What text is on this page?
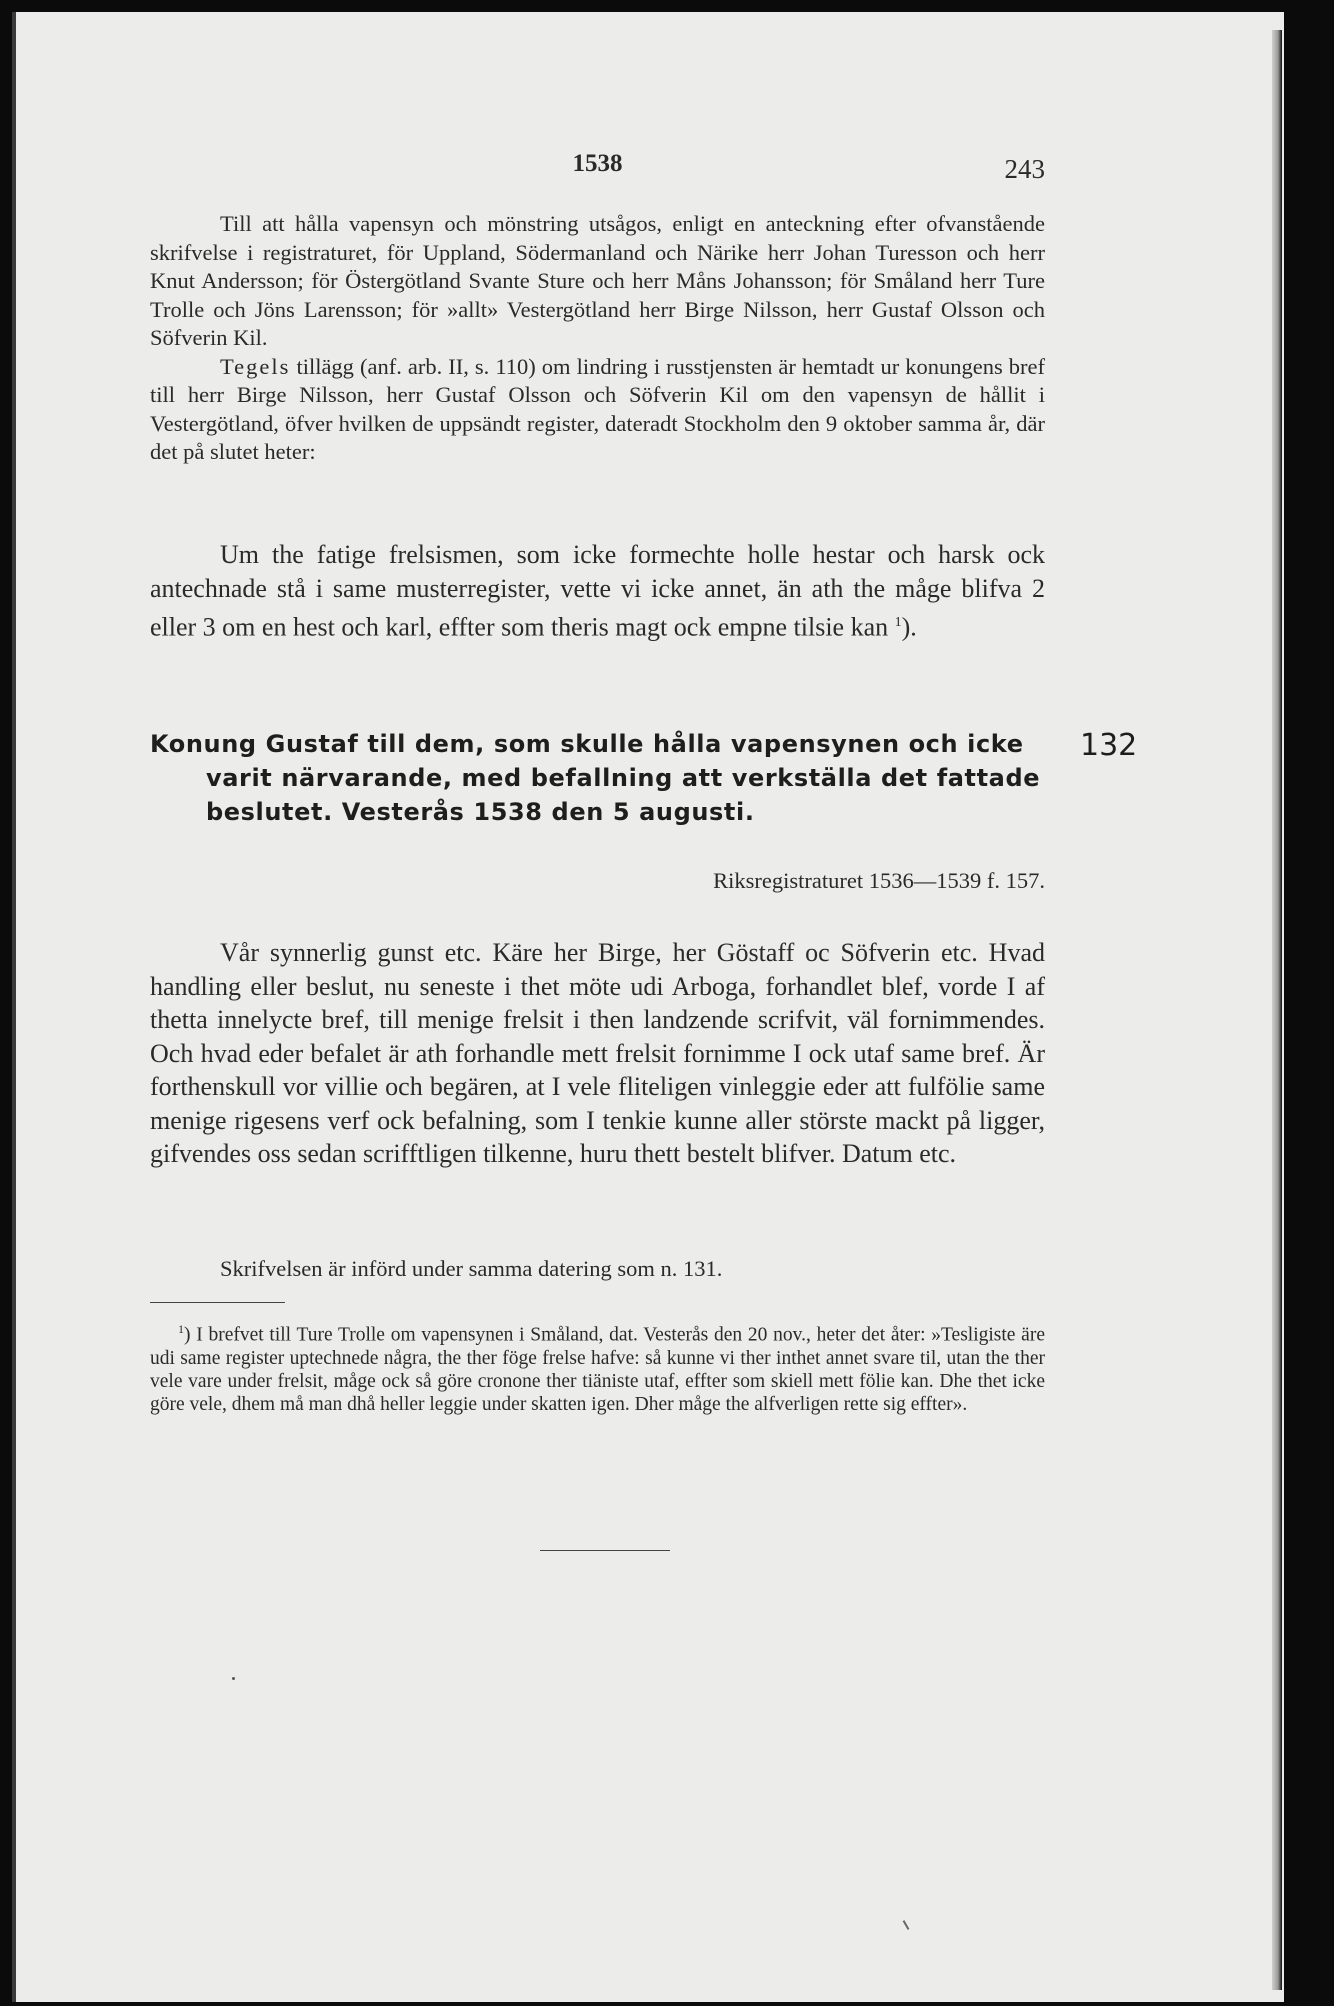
1538	243

Till att hålla vapensyn och mönstring utsågos, enligt en anteckning efter ofvanstående skrifvelse i registraturet, för Uppland, Södermanland och Närike herr Johan Turesson och herr Knut Andersson; för Östergötland Svante Sture och herr Måns Johansson; för Småland herr Ture Trolle och Jöns Larensson; för »allt» Vestergötland herr Birge Nilsson, herr Gustaf Olsson och Söfverin Kil.

Tegels tillägg (anf. arb. II, s. 110) om lindring i russtjensten är hemtadt ur konungens bref till herr Birge Nilsson, herr Gustaf Olsson och Söfverin Kil om den vapensyn de hållit i Vestergötland, öfver hvilken de uppsändt register, dateradt Stockholm den 9 oktober samma år, där det på slutet heter:

Um the fatige frelsismen, som icke formechte holle hestar och harsk ock antechnade stå i same musterregister, vette vi icke annet, än ath the måge blifva 2 eller 3 om en hest och karl, effter som theris magt ock empne tilsie kan $^1$).

Konung Gustaf till dem, som skulle hålla vapensynen och icke varit närvarande, med befallning att verkställa det fattade beslutet. Vesterås 1538 den 5 augusti.

132
Riksregistraturet 1536—1539 f. 157.

Vår synnerlig gunst etc. Käre her Birge, her Göstaff oc Söfverin etc. Hvad handling eller beslut, nu seneste i thet möte udi Arboga, forhandlet blef, vorde I af thetta innelycte bref, till menige frelsit i then landzende scrifvit, väl fornimmendes. Och hvad eder befalet är ath forhandle mett frelsit fornimme I ock utaf same bref. Är forthenskull vor villie och begären, at I vele fliteligen vinleggie eder att fulfölie same menige rigesens verf ock befalning, som I tenkie kunne aller störste mackt på ligger, gifvendes oss sedan scrifftligen tilkenne, huru thett bestelt blifver. Datum etc.

Skrifvelsen är införd under samma datering som n. 131.

$^1$) I brefvet till Ture Trolle om vapensynen i Småland, dat. Vesterås den 20 nov., heter det åter: »Tesligiste äre udi same register uptechnede några, the ther föge frelse hafve: så kunne vi ther inthet annet svare til, utan the ther vele vare under frelsit, måge ock så göre cronone ther tiäniste utaf, effter som skiell mett fölie kan. Dhe thet icke göre vele, dhem må man dhå heller leggie under skatten igen. Dher måge the alfverligen rette sig effter».
